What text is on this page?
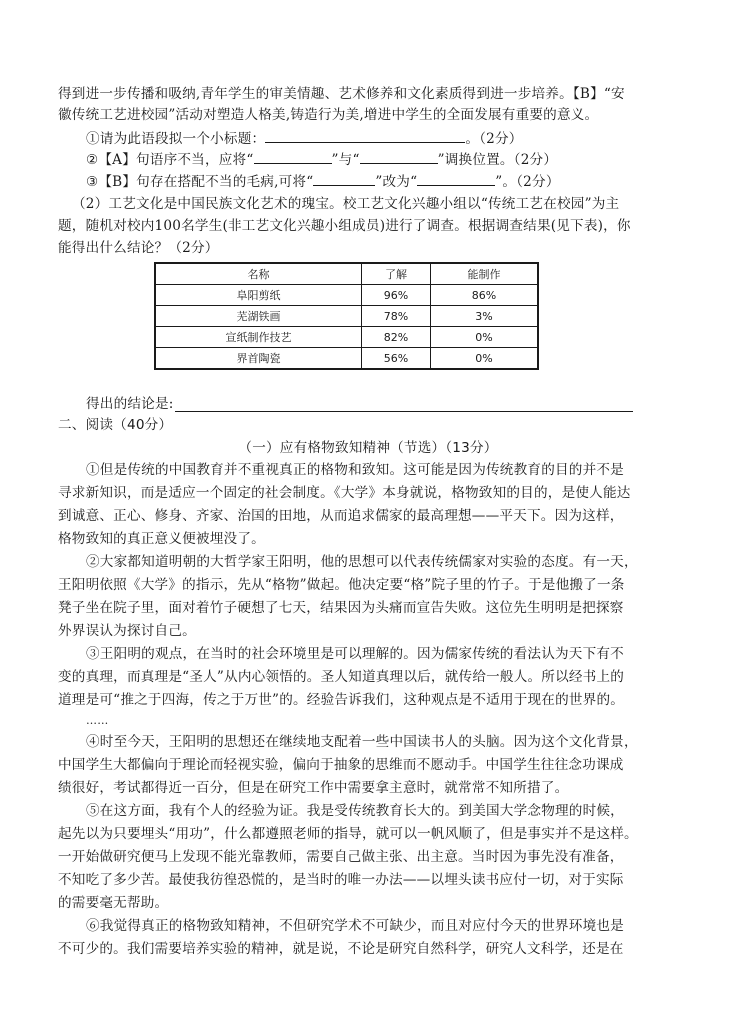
得到进一步传播和吸纳,青年学生的审美情趣、艺术修养和文化素质得到进一步培养。【B】“安
徽传统工艺进校园”活动对塑造人格美,铸造行为美,增进中学生的全面发展有重要的意义。
①请为此语段拟一个小标题：	。（2分）
②【A】句语序不当，应将“	”与“	”调换位置。（2分）
③【B】句存在搭配不当的毛病,可将“	”改为“	”。（2分）
（2）工艺文化是中国民族文化艺术的瑰宝。校工艺文化兴趣小组以“传统工艺在校园”为主
题，随机对校内100名学生(非工艺文化兴趣小组成员)进行了调查。根据调查结果(见下表)，你
能得出什么结论？（2分）
名称	了解	能制作
阜阳剪纸	96%	86%
芜湖铁画	78%	3%
宣纸制作技艺	82%	0%
界首陶瓷	56%	0%
得出的结论是:
二、阅读（40分）
（一）应有格物致知精神（节选）（13分）
①但是传统的中国教育并不重视真正的格物和致知。这可能是因为传统教育的目的并不是
寻求新知识，而是适应一个固定的社会制度。《大学》本身就说，格物致知的目的，是使人能达
到诚意、正心、修身、齐家、治国的田地，从而追求儒家的最高理想——平天下。因为这样，
格物致知的真正意义便被埋没了。
②大家都知道明朝的大哲学家王阳明，他的思想可以代表传统儒家对实验的态度。有一天，
王阳明依照《大学》的指示，先从“格物”做起。他决定要“格”院子里的竹子。于是他搬了一条
凳子坐在院子里，面对着竹子硬想了七天，结果因为头痛而宣告失败。这位先生明明是把探察
外界误认为探讨自己。
③王阳明的观点，在当时的社会环境里是可以理解的。因为儒家传统的看法认为天下有不
变的真理，而真理是“圣人”从内心领悟的。圣人知道真理以后，就传给一般人。所以经书上的
道理是可“推之于四海，传之于万世”的。经验告诉我们，这种观点是不适用于现在的世界的。
……
④时至今天，王阳明的思想还在继续地支配着一些中国读书人的头脑。因为这个文化背景，
中国学生大都偏向于理论而轻视实验，偏向于抽象的思维而不愿动手。中国学生往往念功课成
绩很好，考试都得近一百分，但是在研究工作中需要拿主意时，就常常不知所措了。
⑤在这方面，我有个人的经验为证。我是受传统教育长大的。到美国大学念物理的时候，
起先以为只要埋头“用功”，什么都遵照老师的指导，就可以一帆风顺了，但是事实并不是这样。
一开始做研究便马上发现不能光靠教师，需要自己做主张、出主意。当时因为事先没有准备，
不知吃了多少苦。最使我彷徨恐慌的，是当时的唯一办法——以埋头读书应付一切，对于实际
的需要毫无帮助。
⑥我觉得真正的格物致知精神，不但研究学术不可缺少，而且对应付今天的世界环境也是
不可少的。我们需要培养实验的精神，就是说，不论是研究自然科学，研究人文科学，还是在
